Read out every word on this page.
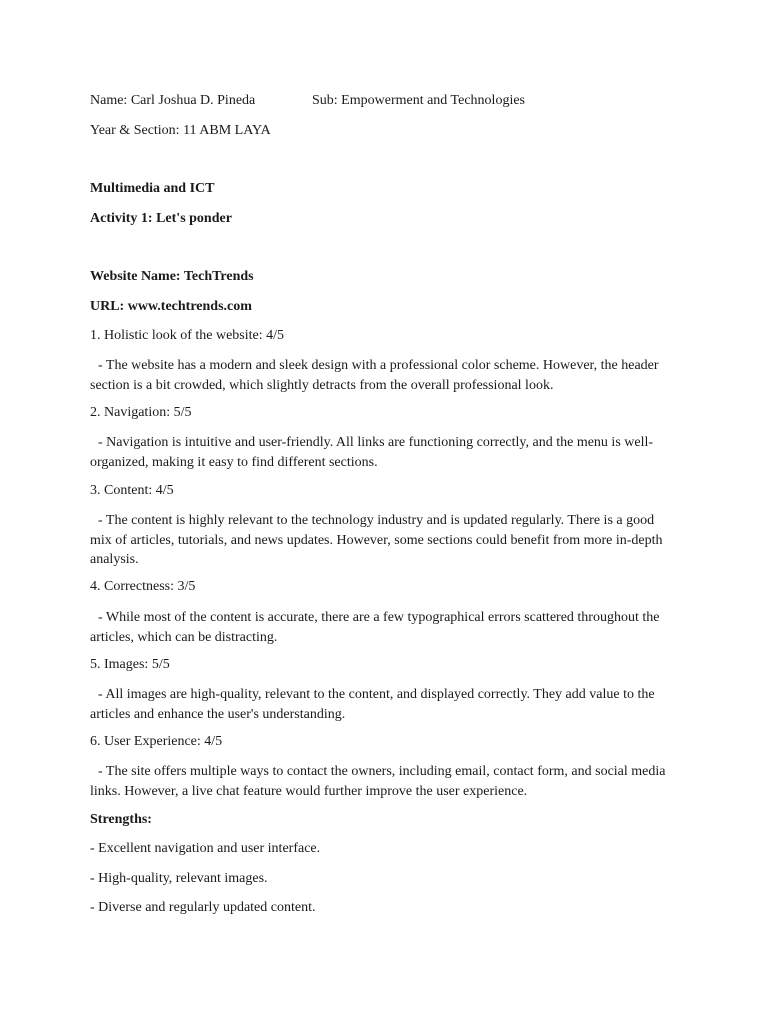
Name: Carl Joshua D. Pineda	Sub: Empowerment and Technologies
Year & Section: 11 ABM LAYA
Multimedia and ICT
Activity 1: Let's ponder
Website Name: TechTrends
URL: www.techtrends.com
1. Holistic look of the website: 4/5
- The website has a modern and sleek design with a professional color scheme. However, the header section is a bit crowded, which slightly detracts from the overall professional look.
2. Navigation: 5/5
- Navigation is intuitive and user-friendly. All links are functioning correctly, and the menu is well-organized, making it easy to find different sections.
3. Content: 4/5
- The content is highly relevant to the technology industry and is updated regularly. There is a good mix of articles, tutorials, and news updates. However, some sections could benefit from more in-depth analysis.
4. Correctness: 3/5
- While most of the content is accurate, there are a few typographical errors scattered throughout the articles, which can be distracting.
5. Images: 5/5
- All images are high-quality, relevant to the content, and displayed correctly. They add value to the articles and enhance the user's understanding.
6. User Experience: 4/5
- The site offers multiple ways to contact the owners, including email, contact form, and social media links. However, a live chat feature would further improve the user experience.
Strengths:
- Excellent navigation and user interface.
- High-quality, relevant images.
- Diverse and regularly updated content.
